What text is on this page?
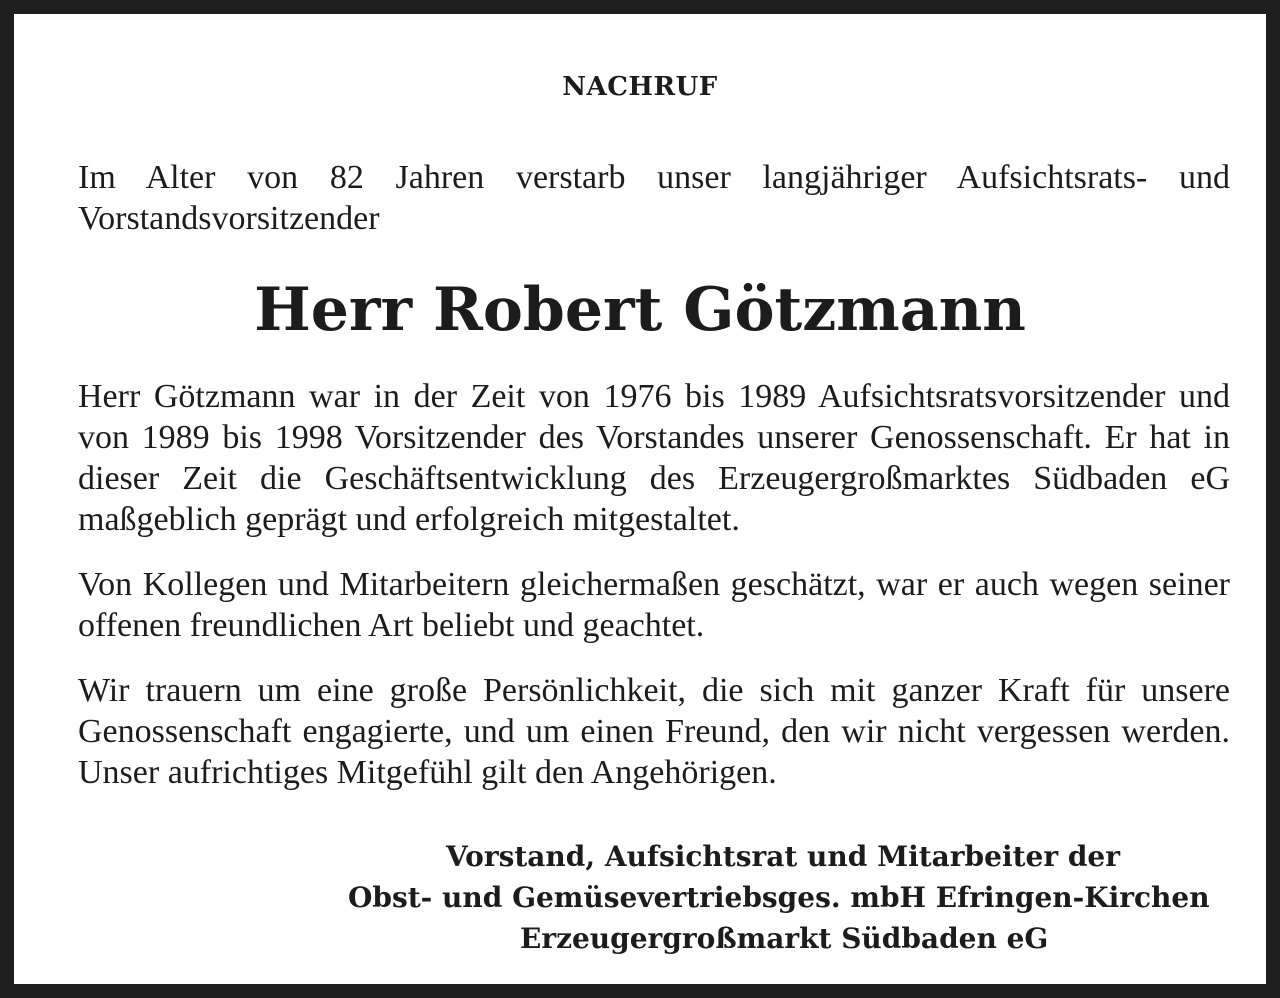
NACHRUF

Im Alter von 82 Jahren verstarb unser langjähriger Aufsichtsrats- und Vorstandsvorsitzender

Herr Robert Götzmann

Herr Götzmann war in der Zeit von 1976 bis 1989 Aufsichtsratsvorsitzender und von 1989 bis 1998 Vorsitzender des Vorstandes unserer Genossenschaft. Er hat in dieser Zeit die Geschäftsentwicklung des Erzeugergroßmarktes Südbaden eG maßgeblich geprägt und erfolgreich mitgestaltet.

Von Kollegen und Mitarbeitern gleichermaßen geschätzt, war er auch wegen seiner offenen freundlichen Art beliebt und geachtet.

Wir trauern um eine große Persönlichkeit, die sich mit ganzer Kraft für unsere Genossenschaft engagierte, und um einen Freund, den wir nicht vergessen werden. Unser aufrichtiges Mitgefühl gilt den Angehörigen.

Vorstand, Aufsichtsrat und Mitarbeiter der
Obst- und Gemüsevertriebsges. mbH Efringen-Kirchen
Erzeugergroßmarkt Südbaden eG
